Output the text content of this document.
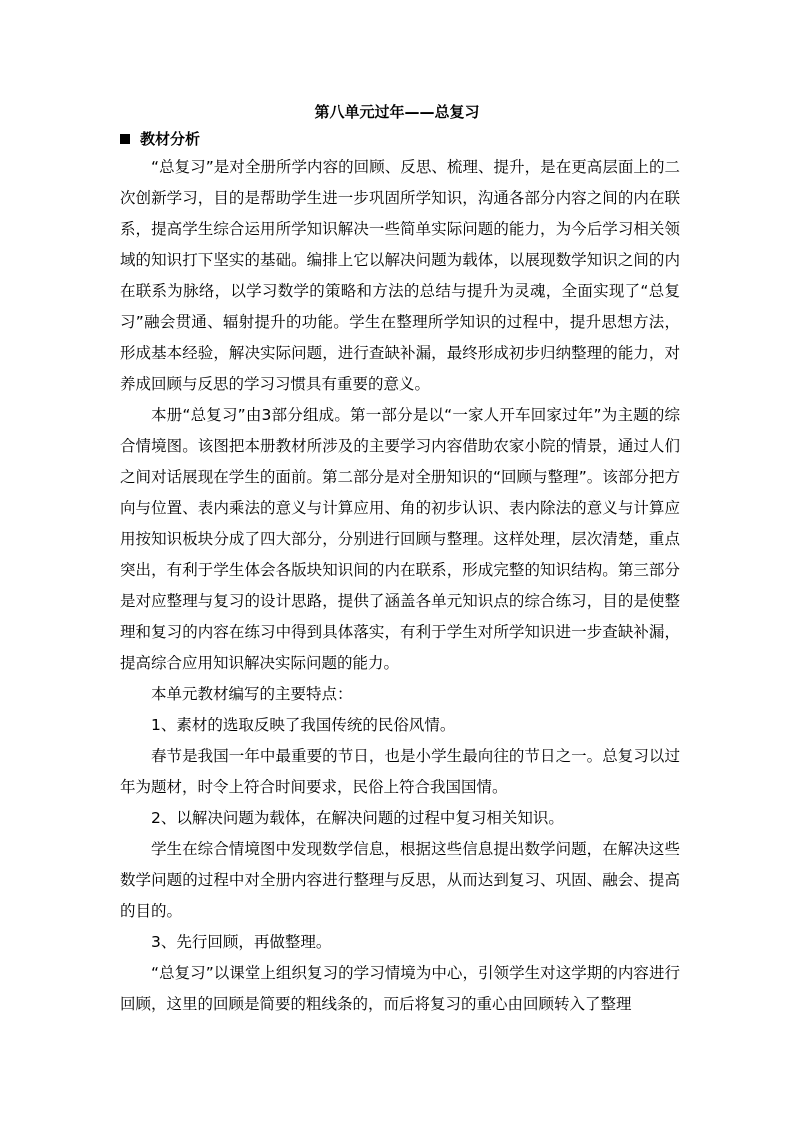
第八单元过年——总复习
教材分析

“总复习”是对全册所学内容的回顾、反思、梳理、提升，是在更高层面上的二次创新学习，目的是帮助学生进一步巩固所学知识，沟通各部分内容之间的内在联系，提高学生综合运用所学知识解决一些简单实际问题的能力，为今后学习相关领域的知识打下坚实的基础。编排上它以解决问题为载体，以展现数学知识之间的内在联系为脉络，以学习数学的策略和方法的总结与提升为灵魂，全面实现了“总复习”融会贯通、辐射提升的功能。学生在整理所学知识的过程中，提升思想方法，形成基本经验，解决实际问题，进行查缺补漏，最终形成初步归纳整理的能力，对养成回顾与反思的学习习惯具有重要的意义。

本册“总复习”由3部分组成。第一部分是以“一家人开车回家过年”为主题的综合情境图。该图把本册教材所涉及的主要学习内容借助农家小院的情景，通过人们之间对话展现在学生的面前。第二部分是对全册知识的“回顾与整理”。该部分把方向与位置、表内乘法的意义与计算应用、角的初步认识、表内除法的意义与计算应用按知识板块分成了四大部分，分别进行回顾与整理。这样处理，层次清楚，重点突出，有利于学生体会各版块知识间的内在联系，形成完整的知识结构。第三部分是对应整理与复习的设计思路，提供了涵盖各单元知识点的综合练习，目的是使整理和复习的内容在练习中得到具体落实，有利于学生对所学知识进一步查缺补漏，提高综合应用知识解决实际问题的能力。

本单元教材编写的主要特点：

1、素材的选取反映了我国传统的民俗风情。

春节是我国一年中最重要的节日，也是小学生最向往的节日之一。总复习以过年为题材，时令上符合时间要求，民俗上符合我国国情。

2、以解决问题为载体，在解决问题的过程中复习相关知识。

学生在综合情境图中发现数学信息，根据这些信息提出数学问题，在解决这些数学问题的过程中对全册内容进行整理与反思，从而达到复习、巩固、融会、提高的目的。

3、先行回顾，再做整理。

“总复习”以课堂上组织复习的学习情境为中心，引领学生对这学期的内容进行回顾，这里的回顾是简要的粗线条的，而后将复习的重心由回顾转入了整理
